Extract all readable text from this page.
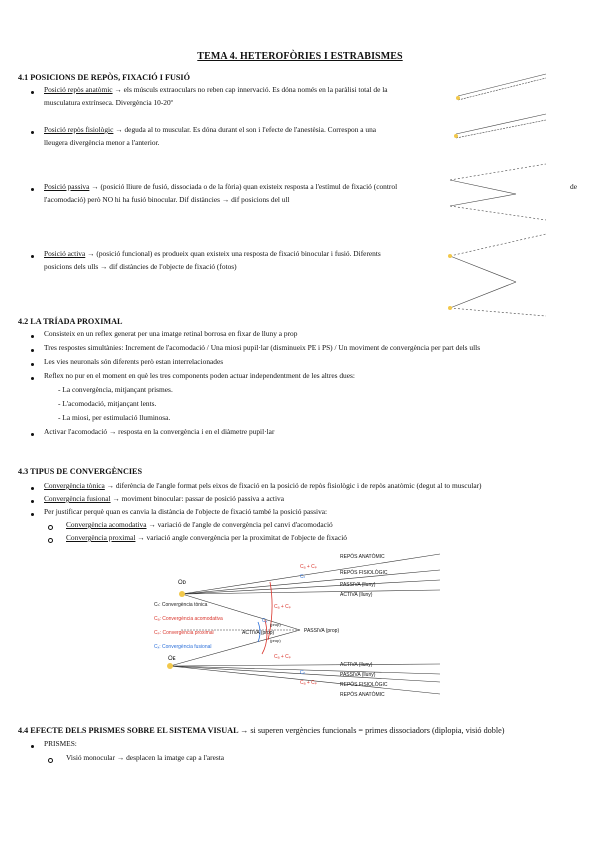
TEMA 4. HETEROFÒRIES I ESTRABISMES
4.1 POSICIONS DE REPÒS, FIXACIÓ I FUSIÓ
Posició repòs anatòmic → els músculs extraoculars no reben cap innervació. Es dóna només en la paràlisi total de la
musculatura extrínseca. Divergència 10-20º
Posició repòs fisiològic → deguda al to muscular. Es dóna durant el son i l'efecte de l'anestèsia. Correspon a una
lleugera divergència menor a l'anterior.
Posició passiva → (posició lliure de fusió, dissociada o de la fòria) quan existeix resposta a l'estímul de fixació (control
l'acomodació) però NO hi ha fusió binocular. Dif distàncies → dif posicions del ull
de
Posició activa → (posició funcional) es produeix quan existeix una resposta de fixació binocular i fusió. Diferents
posicions dels ulls → dif distàncies de l'objecte de fixació (fotos)
4.2 LA TRÍADA PROXIMAL
Consisteix en un reflex generat per una imatge retinal borrosa en fixar de lluny a prop
Tres respostes simultànies: Increment de l'acomodació / Una miosi pupil·lar (disminueix PE i PS) / Un moviment de convergència per part dels ulls
Les vies neuronals són diferents però estan interrelacionades
Reflex no pur en el moment en què les tres components poden actuar independentment de les altres dues:
- La convergència, mitjançant prismes.
- L'acomodació, mitjançant lents.
- La miosi, per estimulació lluminosa.
Activar l'acomodació → resposta en la convergència i en el diàmetre pupil·lar
4.3 TIPUS DE CONVERGÈNCIES
Convergència tònica → diferència de l'angle format pels eixos de fixació en la posició de repòs fisiològic i de repòs anatòmic (degut al to muscular)
Convergència fusional → moviment binocular: passar de posició passiva a activa
Per justificar perquè quan es canvia la distància de l'objecte de fixació també la posició passiva:
Convergència acomodativa → variació de l'angle de convergència pel canvi d'acomodació
Convergència proximal → variació angle convergència per la proximitat de l'objecte de fixació
Oᴅ
Oᴇ
Cₜ: Convergència tònica
Cₐ: Convergència acomodativa
Cₚ: Convergència proximal
Cₓ: Convergència fusional
REPÒS ANATÒMIC
REPÒS FISIOLÒGIC
PASSIVA (lluny)
ACTIVA (lluny)
ACTIVA (lluny)
PASSIVA (lluny)
REPÒS FISIOLÒGIC
REPÒS ANATÒMIC
ACTIVA (prop)	PASSIVA (prop)
Cₐ + Cₚ
Cₐ + Cₚ
Cₐ + Cₚ
Cₐ + Cₚ
Cₜ
Cₜ
Cₓ
(prop)
(prop)
4.4 EFECTE DELS PRISMES SOBRE EL SISTEMA VISUAL → si superen vergències funcionals = primes dissociadors (diplopia, visió doble)
PRISMES:
Visió monocular → desplacen la imatge cap a l'aresta
